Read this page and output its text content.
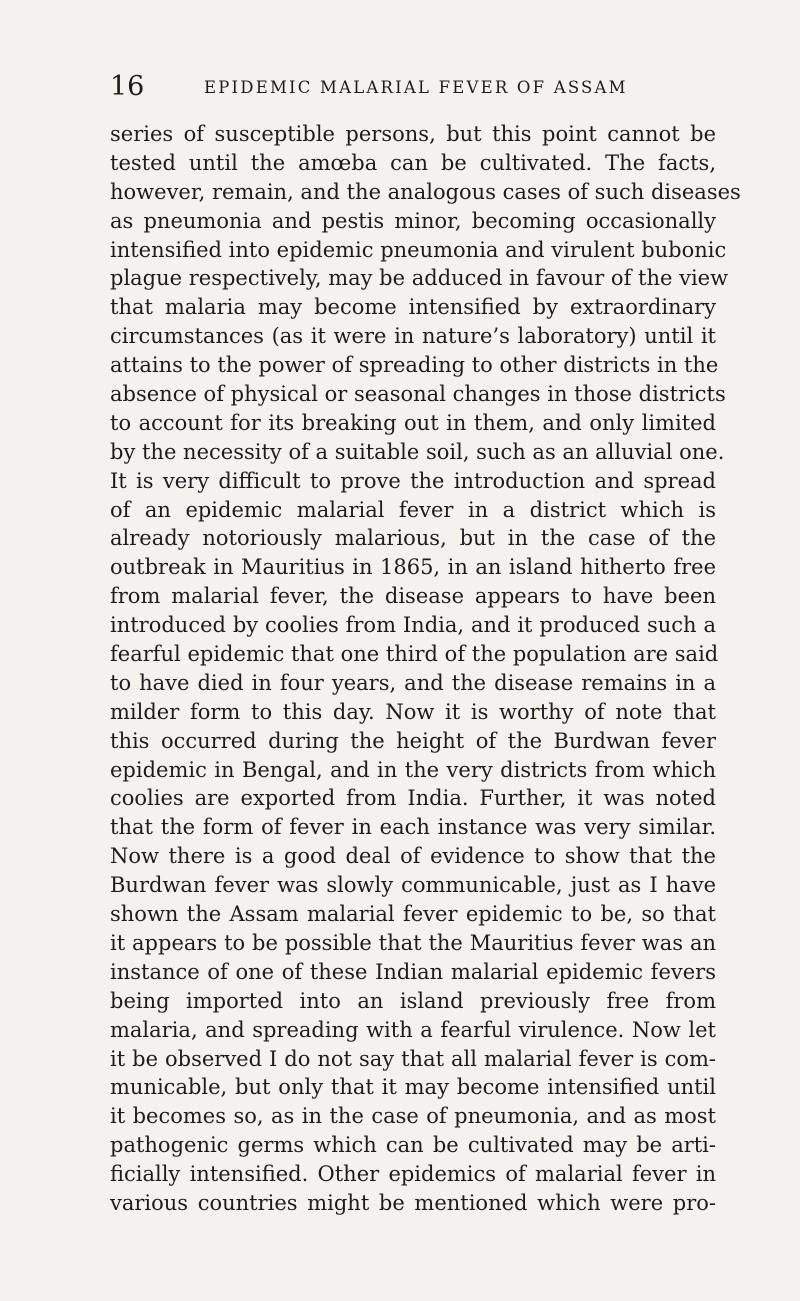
16	EPIDEMIC MALARIAL FEVER OF ASSAM
series of susceptible persons, but this point cannot be
tested until the amœba can be cultivated. The facts,
however, remain, and the analogous cases of such diseases
as pneumonia and pestis minor, becoming occasionally
intensified into epidemic pneumonia and virulent bubonic
plague respectively, may be adduced in favour of the view
that malaria may become intensified by extraordinary
circumstances (as it were in nature’s laboratory) until it
attains to the power of spreading to other districts in the
absence of physical or seasonal changes in those districts
to account for its breaking out in them, and only limited
by the necessity of a suitable soil, such as an alluvial one.
It is very difficult to prove the introduction and spread
of an epidemic malarial fever in a district which is
already notoriously malarious, but in the case of the
outbreak in Mauritius in 1865, in an island hitherto free
from malarial fever, the disease appears to have been
introduced by coolies from India, and it produced such a
fearful epidemic that one third of the population are said
to have died in four years, and the disease remains in a
milder form to this day. Now it is worthy of note that
this occurred during the height of the Burdwan fever
epidemic in Bengal, and in the very districts from which
coolies are exported from India. Further, it was noted
that the form of fever in each instance was very similar.
Now there is a good deal of evidence to show that the
Burdwan fever was slowly communicable, just as I have
shown the Assam malarial fever epidemic to be, so that
it appears to be possible that the Mauritius fever was an
instance of one of these Indian malarial epidemic fevers
being imported into an island previously free from
malaria, and spreading with a fearful virulence. Now let
it be observed I do not say that all malarial fever is com-
municable, but only that it may become intensified until
it becomes so, as in the case of pneumonia, and as most
pathogenic germs which can be cultivated may be arti-
ficially intensified. Other epidemics of malarial fever in
various countries might be mentioned which were pro-
